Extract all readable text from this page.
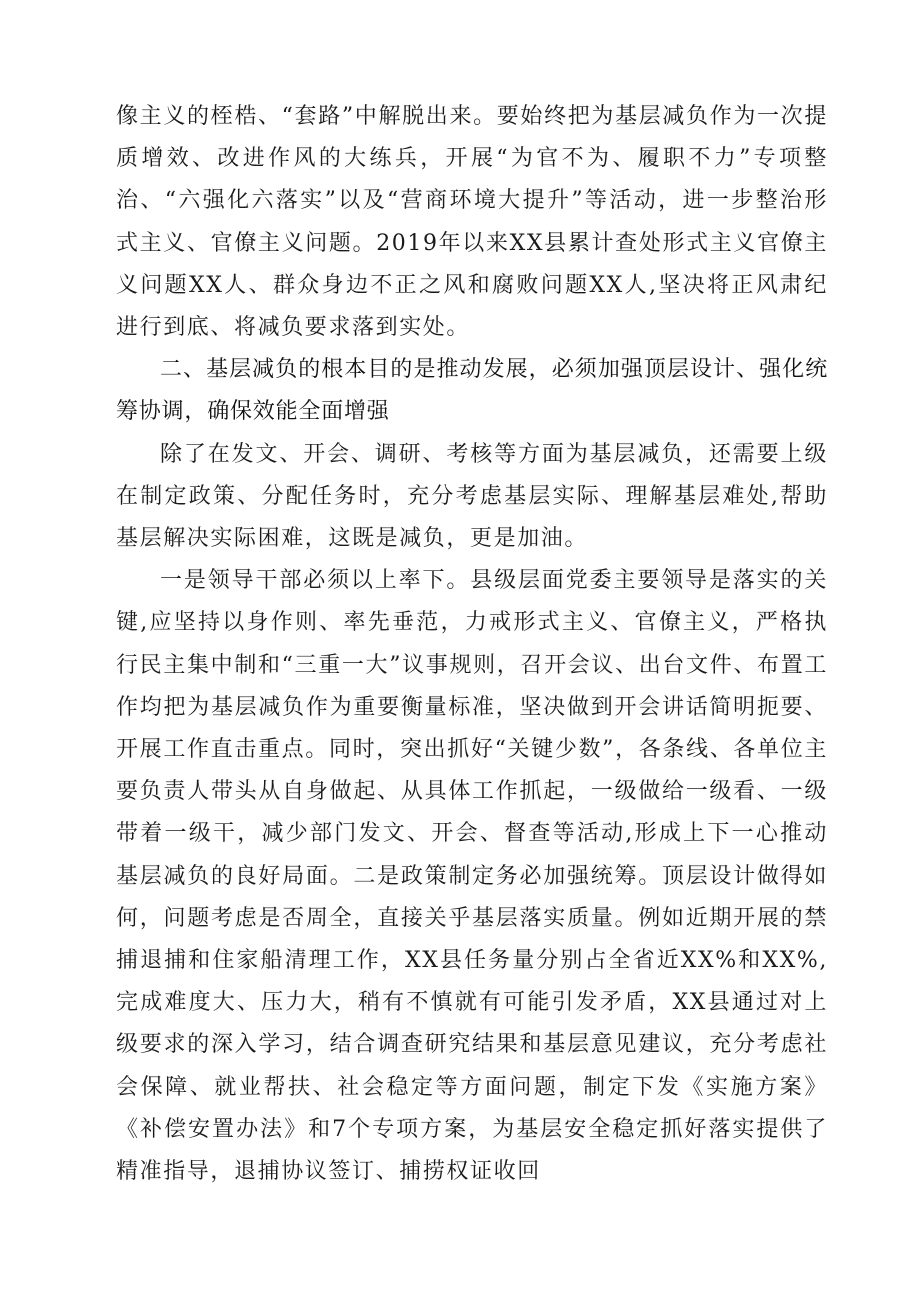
像主义的桎梏、“套路”中解脱出来。要始终把为基层减负作为一次提质增效、改进作风的大练兵，开展“为官不为、履职不力”专项整治、“六强化六落实”以及“营商环境大提升”等活动，进一步整治形式主义、官僚主义问题。2019年以来XX县累计查处形式主义官僚主义问题XX人、群众身边不正之风和腐败问题XX人,坚决将正风肃纪进行到底、将减负要求落到实处。

二、基层减负的根本目的是推动发展，必须加强顶层设计、强化统筹协调，确保效能全面增强

除了在发文、开会、调研、考核等方面为基层减负，还需要上级在制定政策、分配任务时，充分考虑基层实际、理解基层难处,帮助基层解决实际困难，这既是减负，更是加油。

一是领导干部必须以上率下。县级层面党委主要领导是落实的关键,应坚持以身作则、率先垂范，力戒形式主义、官僚主义，严格执行民主集中制和“三重一大”议事规则，召开会议、出台文件、布置工作均把为基层减负作为重要衡量标准，坚决做到开会讲话简明扼要、开展工作直击重点。同时，突出抓好“关键少数”，各条线、各单位主要负责人带头从自身做起、从具体工作抓起，一级做给一级看、一级带着一级干，减少部门发文、开会、督查等活动,形成上下一心推动基层减负的良好局面。二是政策制定务必加强统筹。顶层设计做得如何，问题考虑是否周全，直接关乎基层落实质量。例如近期开展的禁捕退捕和住家船清理工作，XX县任务量分别占全省近XX%和XX%,完成难度大、压力大，稍有不慎就有可能引发矛盾，XX县通过对上级要求的深入学习，结合调查研究结果和基层意见建议，充分考虑社会保障、就业帮扶、社会稳定等方面问题，制定下发《实施方案》《补偿安置办法》和7个专项方案，为基层安全稳定抓好落实提供了精准指导，退捕协议签订、捕捞权证收回
